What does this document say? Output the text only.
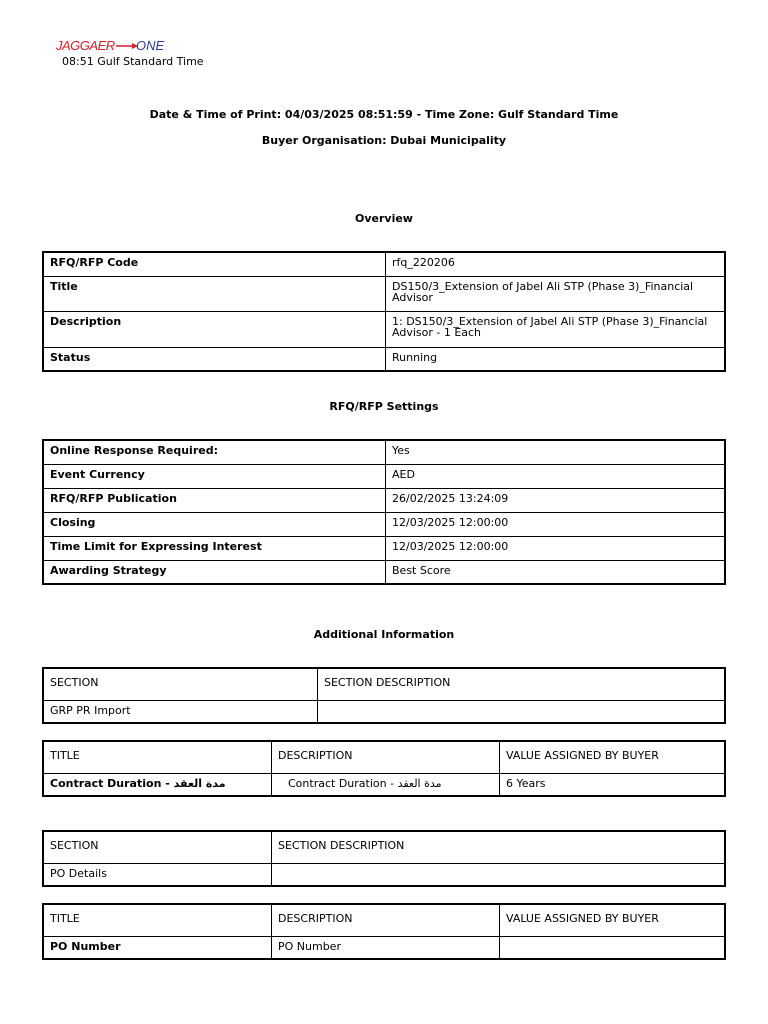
JAGGAER ONE
08:51 Gulf Standard Time
Date & Time of Print: 04/03/2025 08:51:59 - Time Zone: Gulf Standard Time
Buyer Organisation: Dubai Municipality
Overview
RFQ/RFP Code	rfq_220206
Title	DS150/3_Extension of Jabel Ali STP (Phase 3)_Financial Advisor
Description	1: DS150/3_Extension of Jabel Ali STP (Phase 3)_Financial Advisor - 1 Each
Status	Running
RFQ/RFP Settings
Online Response Required:	Yes
Event Currency	AED
RFQ/RFP Publication	26/02/2025 13:24:09
Closing	12/03/2025 12:00:00
Time Limit for Expressing Interest	12/03/2025 12:00:00
Awarding Strategy	Best Score
Additional Information
SECTION	SECTION DESCRIPTION
GRP PR Import	
TITLE	DESCRIPTION	VALUE ASSIGNED BY BUYER
Contract Duration - مدة العقد	Contract Duration - مدة العقد	6 Years
SECTION	SECTION DESCRIPTION
PO Details	
TITLE	DESCRIPTION	VALUE ASSIGNED BY BUYER
PO Number	PO Number	
